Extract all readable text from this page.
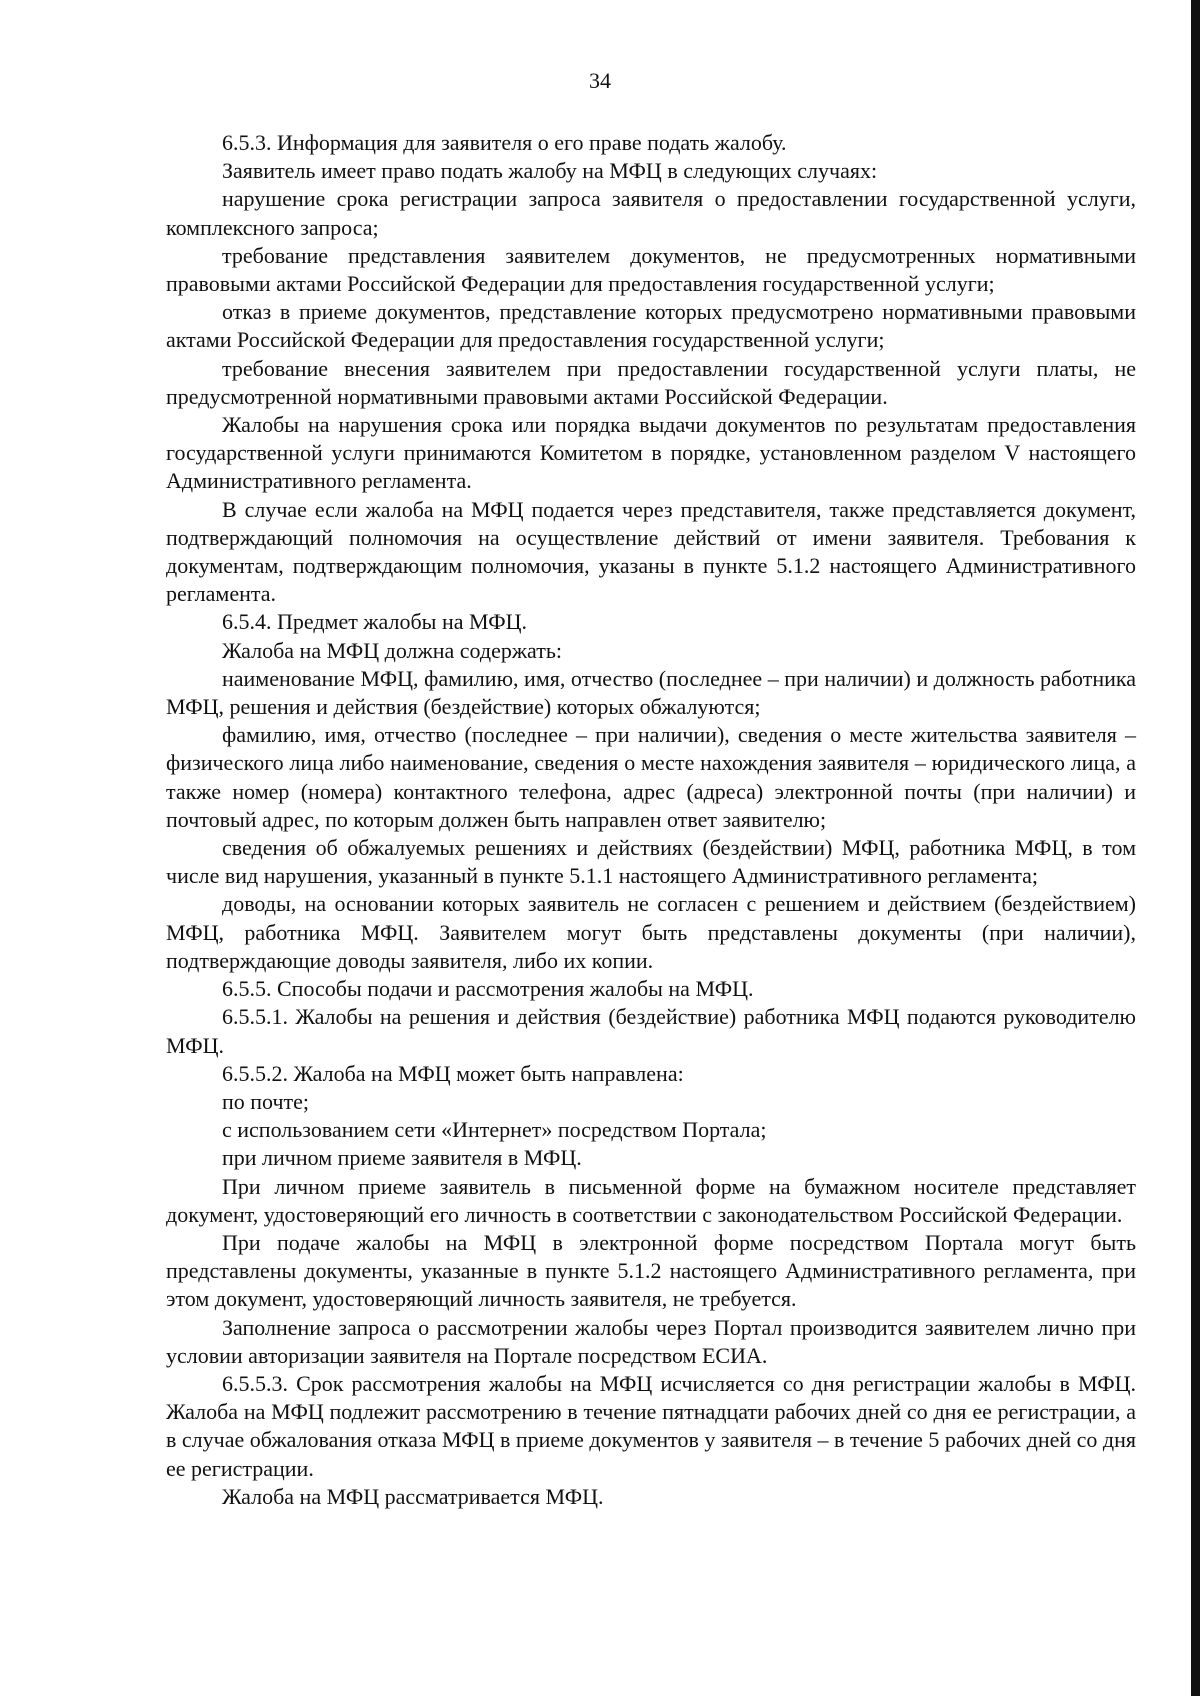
34

6.5.3. Информация для заявителя о его праве подать жалобу.

Заявитель имеет право подать жалобу на МФЦ в следующих случаях:

нарушение срока регистрации запроса заявителя о предоставлении государственной услуги, комплексного запроса;

требование представления заявителем документов, не предусмотренных нормативными правовыми актами Российской Федерации для предоставления государственной услуги;

отказ в приеме документов, представление которых предусмотрено нормативными правовыми актами Российской Федерации для предоставления государственной услуги;

требование внесения заявителем при предоставлении государственной услуги платы, не предусмотренной нормативными правовыми актами Российской Федерации.

Жалобы на нарушения срока или порядка выдачи документов по результатам предоставления государственной услуги принимаются Комитетом в порядке, установленном разделом V настоящего Административного регламента.

В случае если жалоба на МФЦ подается через представителя, также представляется документ, подтверждающий полномочия на осуществление действий от имени заявителя. Требования к документам, подтверждающим полномочия, указаны в пункте 5.1.2 настоящего Административного регламента.

6.5.4. Предмет жалобы на МФЦ.

Жалоба на МФЦ должна содержать:

наименование МФЦ, фамилию, имя, отчество (последнее – при наличии) и должность работника МФЦ, решения и действия (бездействие) которых обжалуются;

фамилию, имя, отчество (последнее – при наличии), сведения о месте жительства заявителя – физического лица либо наименование, сведения о месте нахождения заявителя – юридического лица, а также номер (номера) контактного телефона, адрес (адреса) электронной почты (при наличии) и почтовый адрес, по которым должен быть направлен ответ заявителю;

сведения об обжалуемых решениях и действиях (бездействии) МФЦ, работника МФЦ, в том числе вид нарушения, указанный в пункте 5.1.1 настоящего Административного регламента;

доводы, на основании которых заявитель не согласен с решением и действием (бездействием) МФЦ, работника МФЦ. Заявителем могут быть представлены документы (при наличии), подтверждающие доводы заявителя, либо их копии.

6.5.5. Способы подачи и рассмотрения жалобы на МФЦ.

6.5.5.1. Жалобы на решения и действия (бездействие) работника МФЦ подаются руководителю МФЦ.

6.5.5.2. Жалоба на МФЦ может быть направлена:

по почте;

с использованием сети «Интернет» посредством Портала;

при личном приеме заявителя в МФЦ.

При личном приеме заявитель в письменной форме на бумажном носителе представляет документ, удостоверяющий его личность в соответствии с законодательством Российской Федерации.

При подаче жалобы на МФЦ в электронной форме посредством Портала могут быть представлены документы, указанные в пункте 5.1.2 настоящего Административного регламента, при этом документ, удостоверяющий личность заявителя, не требуется.

Заполнение запроса о рассмотрении жалобы через Портал производится заявителем лично при условии авторизации заявителя на Портале посредством ЕСИА.

6.5.5.3. Срок рассмотрения жалобы на МФЦ исчисляется со дня регистрации жалобы в МФЦ. Жалоба на МФЦ подлежит рассмотрению в течение пятнадцати рабочих дней со дня ее регистрации, а в случае обжалования отказа МФЦ в приеме документов у заявителя – в течение 5 рабочих дней со дня ее регистрации.

Жалоба на МФЦ рассматривается МФЦ.
